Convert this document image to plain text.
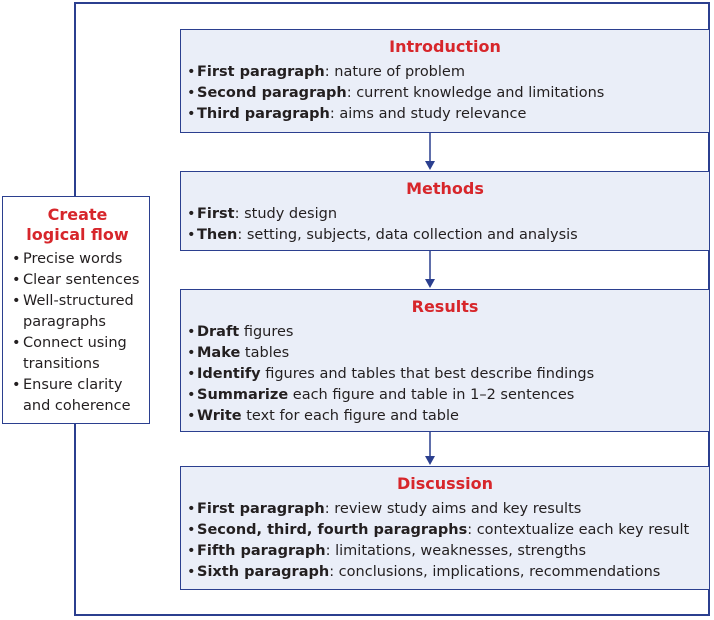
Create
logical flow
• Precise words
• Clear sentences
• Well-structured paragraphs
• Connect using transitions
• Ensure clarity and coherence
Introduction
• First paragraph: nature of problem
• Second paragraph: current knowledge and limitations
• Third paragraph: aims and study relevance
Methods
• First: study design
• Then: setting, subjects, data collection and analysis
Results
• Draft figures
• Make tables
• Identify figures and tables that best describe findings
• Summarize each figure and table in 1–2 sentences
• Write text for each figure and table
Discussion
• First paragraph: review study aims and key results
• Second, third, fourth paragraphs: contextualize each key result
• Fifth paragraph: limitations, weaknesses, strengths
• Sixth paragraph: conclusions, implications, recommendations
